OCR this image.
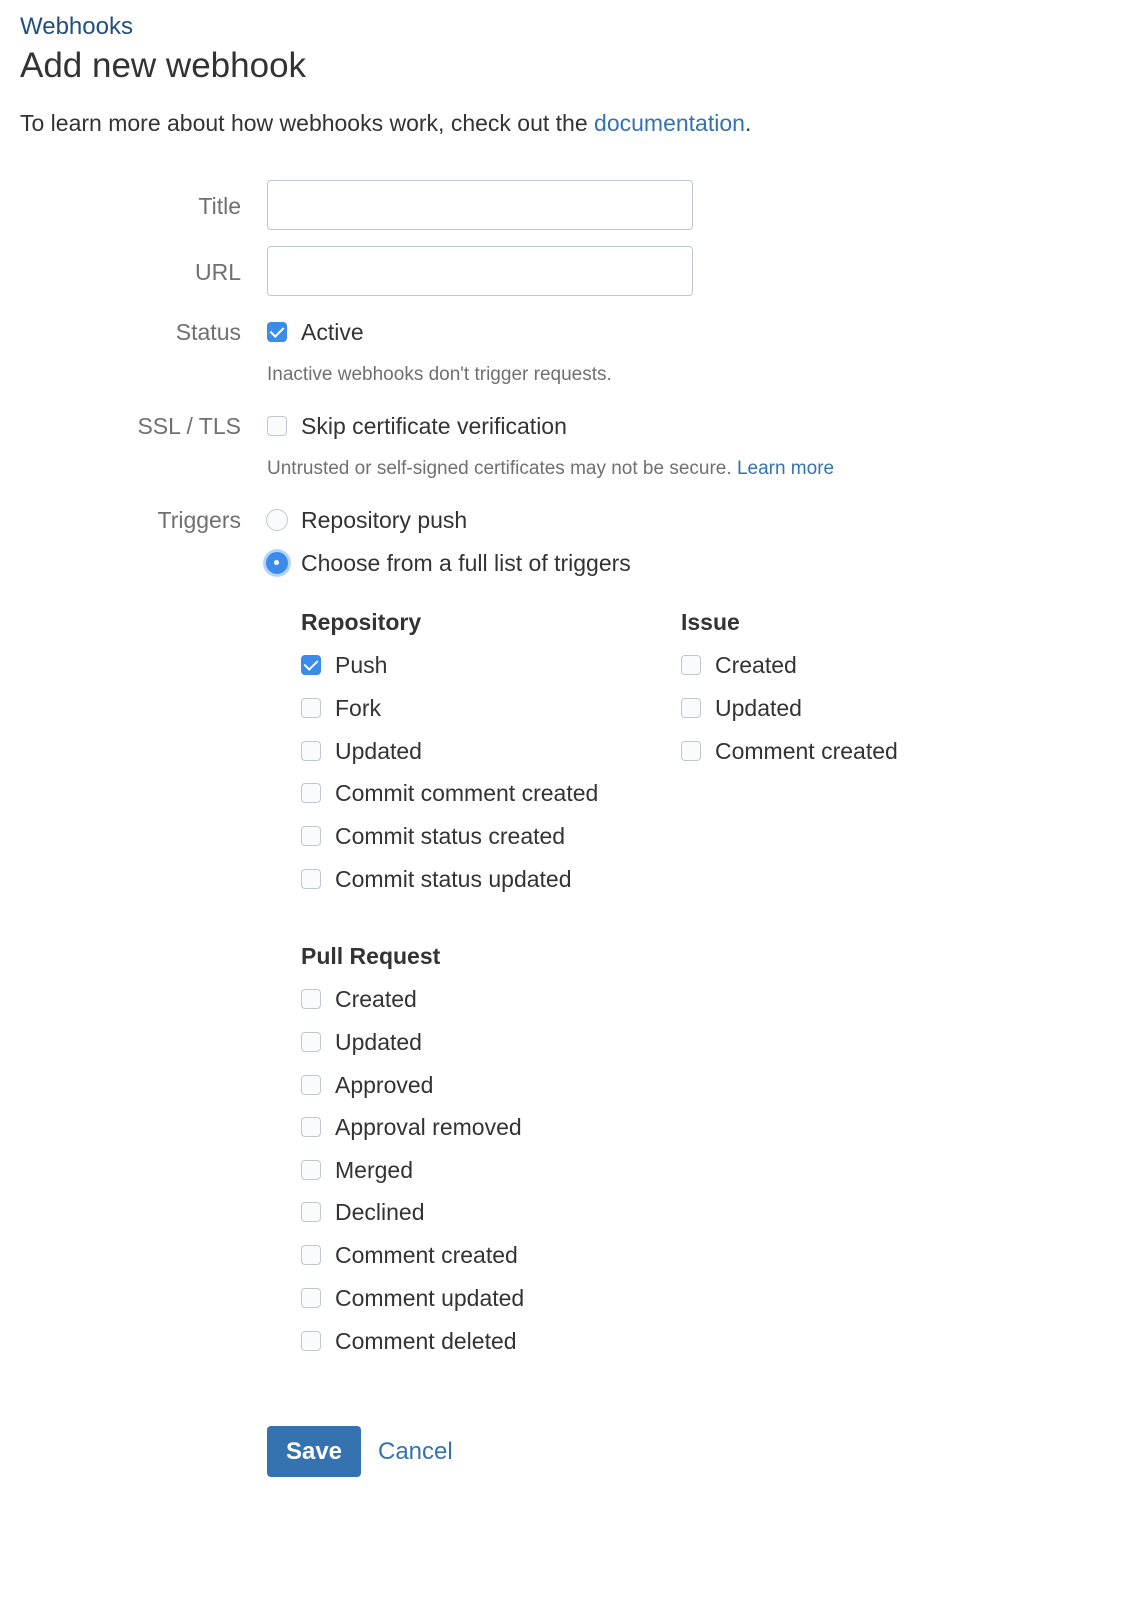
Webhooks
Add new webhook
To learn more about how webhooks work, check out the documentation.
Title
URL
Status	Active
Inactive webhooks don't trigger requests.
SSL / TLS	Skip certificate verification
Untrusted or self-signed certificates may not be secure. Learn more
Triggers	Repository push
Choose from a full list of triggers
Repository
Push
Fork
Updated
Commit comment created
Commit status created
Commit status updated
Issue
Created
Updated
Comment created
Pull Request
Created
Updated
Approved
Approval removed
Merged
Declined
Comment created
Comment updated
Comment deleted
Save	Cancel
